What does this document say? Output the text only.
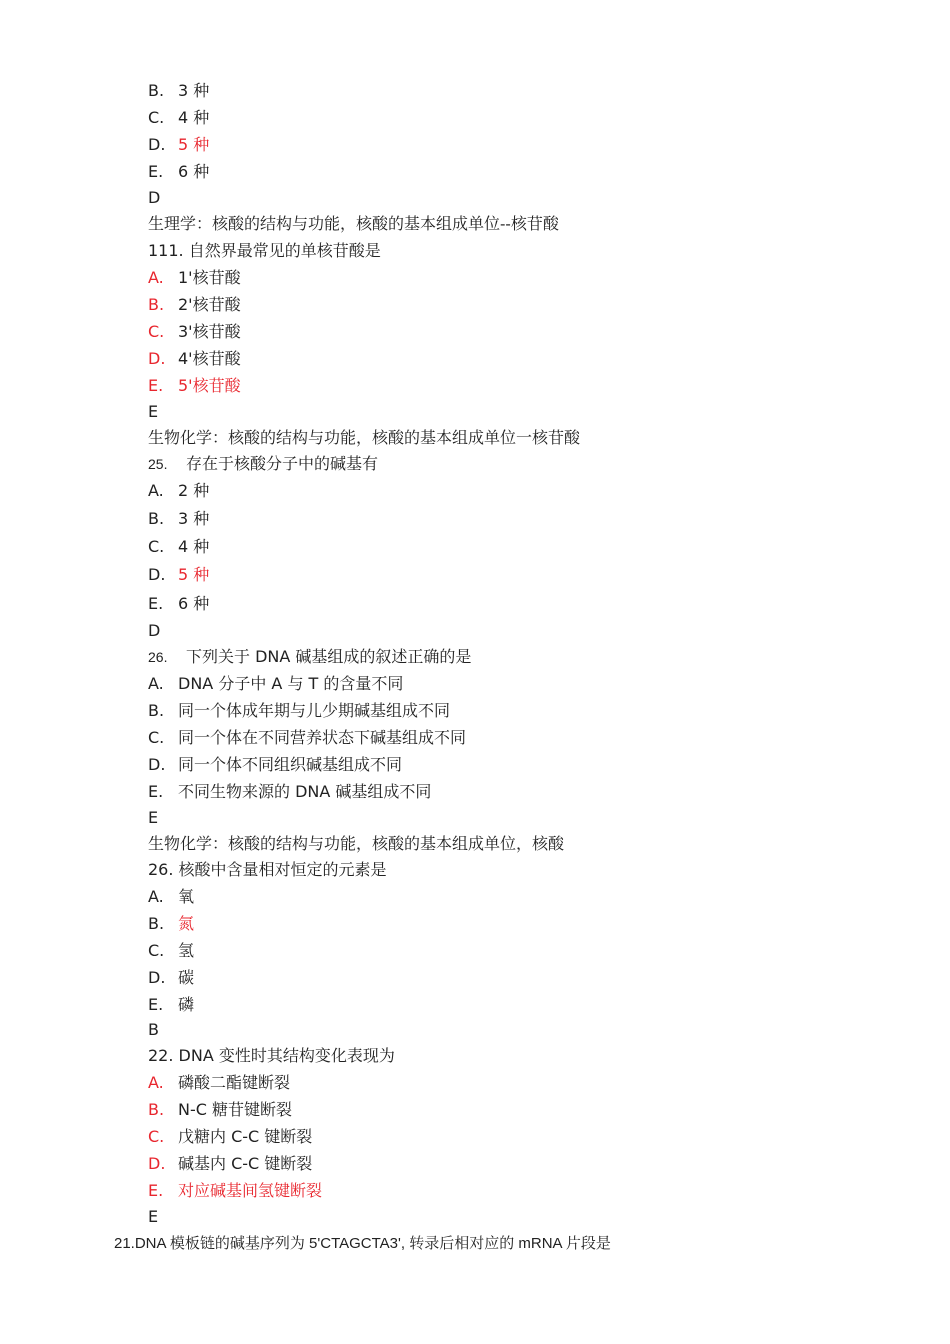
B. 3 种
C. 4 种
D. 5 种
E. 6 种
D
生理学：核酸的结构与功能，核酸的基本组成单位--核苷酸
111. 自然界最常见的单核苷酸是
A. 1'核苷酸
B. 2'核苷酸
C. 3'核苷酸
D. 4'核苷酸
E. 5'核苷酸
E
生物化学：核酸的结构与功能，核酸的基本组成单位一核苷酸
25. 存在于核酸分子中的碱基有
A. 2 种
B. 3 种
C. 4 种
D. 5 种
E. 6 种
D
26. 下列关于 DNA 碱基组成的叙述正确的是
A. DNA 分子中 A 与 T 的含量不同
B. 同一个体成年期与儿少期碱基组成不同
C. 同一个体在不同营养状态下碱基组成不同
D. 同一个体不同组织碱基组成不同
E. 不同生物来源的 DNA 碱基组成不同
E
生物化学：核酸的结构与功能，核酸的基本组成单位，核酸
26. 核酸中含量相对恒定的元素是
A. 氧
B. 氮
C. 氢
D. 碳
E. 磷
B
22. DNA 变性时其结构变化表现为
A. 磷酸二酯键断裂
B. N-C 糖苷键断裂
C. 戊糖内 C-C 键断裂
D. 碱基内 C-C 键断裂
E. 对应碱基间氢键断裂
E
21.DNA 模板链的碱基序列为 5'CTAGCTA3', 转录后相对应的 mRNA 片段是
